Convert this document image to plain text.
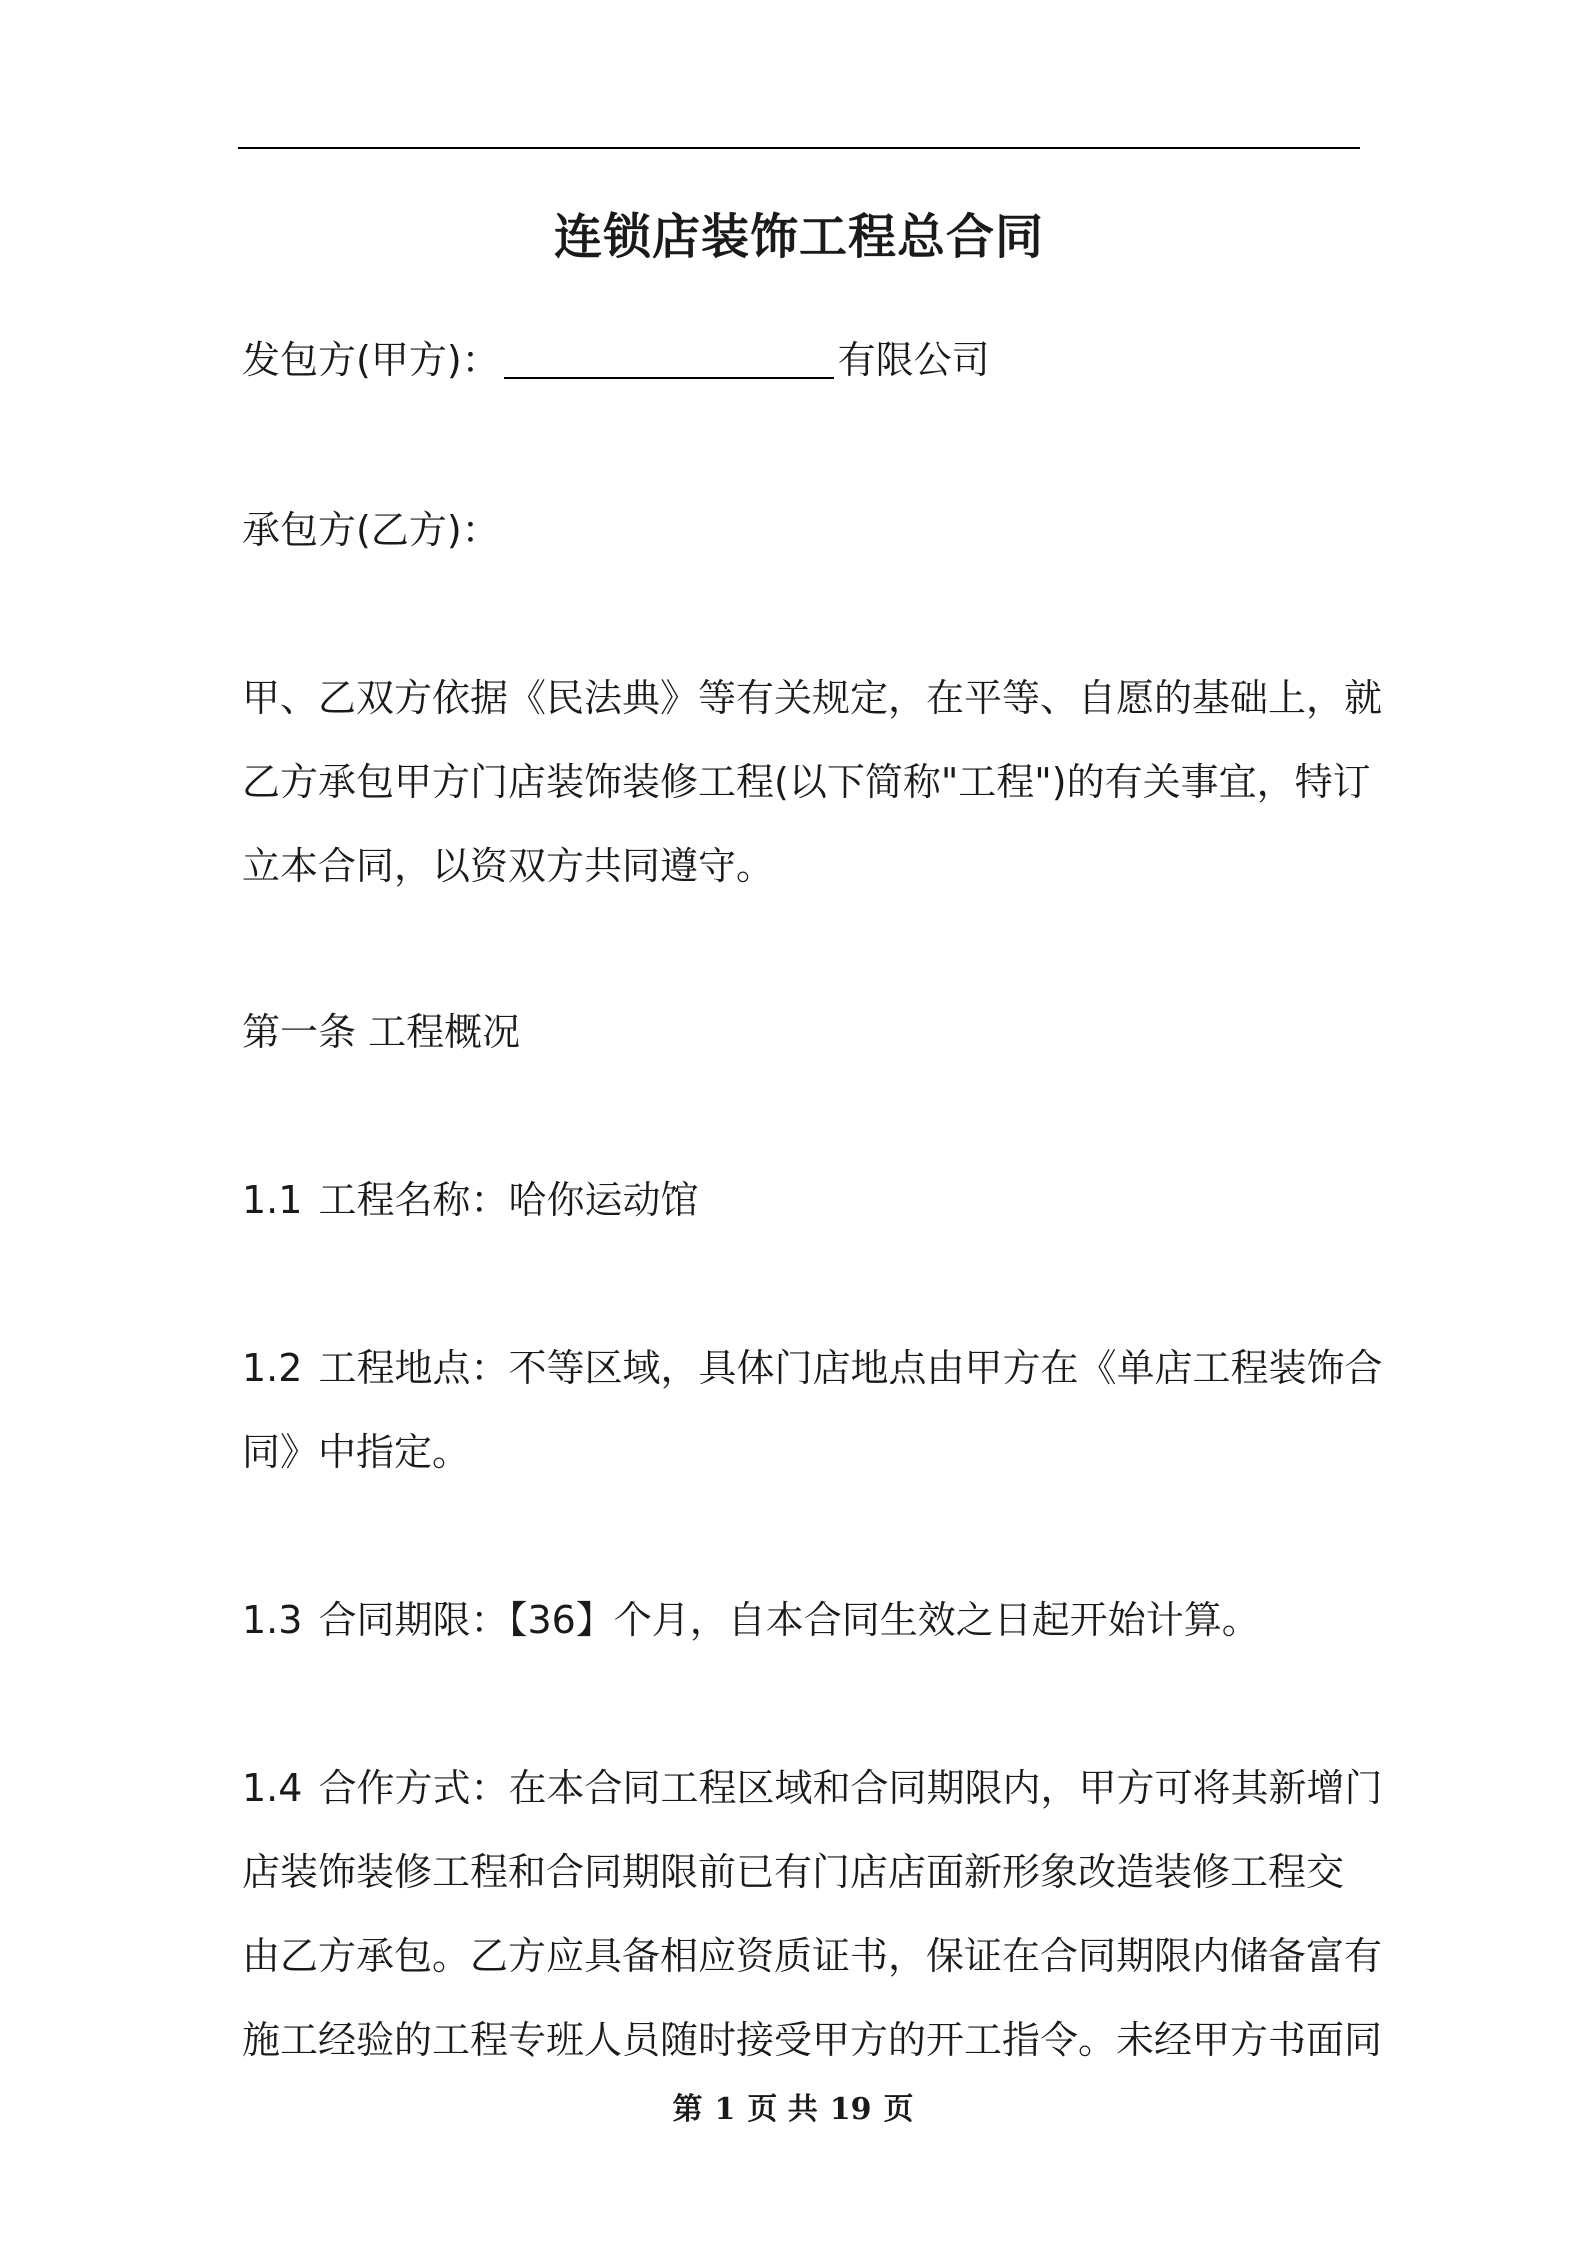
连锁店装饰工程总合同

发包方(甲方)：	有限公司

承包方(乙方)：

甲、乙双方依据《民法典》等有关规定，在平等、自愿的基础上，就

乙方承包甲方门店装饰装修工程(以下简称"工程")的有关事宜，特订

立本合同，以资双方共同遵守。

第一条 工程概况

1.1 工程名称：哈你运动馆

1.2 工程地点：不等区域，具体门店地点由甲方在《单店工程装饰合

同》中指定。

1.3 合同期限：【36】个月，自本合同生效之日起开始计算。

1.4 合作方式：在本合同工程区域和合同期限内，甲方可将其新增门

店装饰装修工程和合同期限前已有门店店面新形象改造装修工程交

由乙方承包。乙方应具备相应资质证书，保证在合同期限内储备富有

施工经验的工程专班人员随时接受甲方的开工指令。未经甲方书面同

第 1 页 共 19 页
